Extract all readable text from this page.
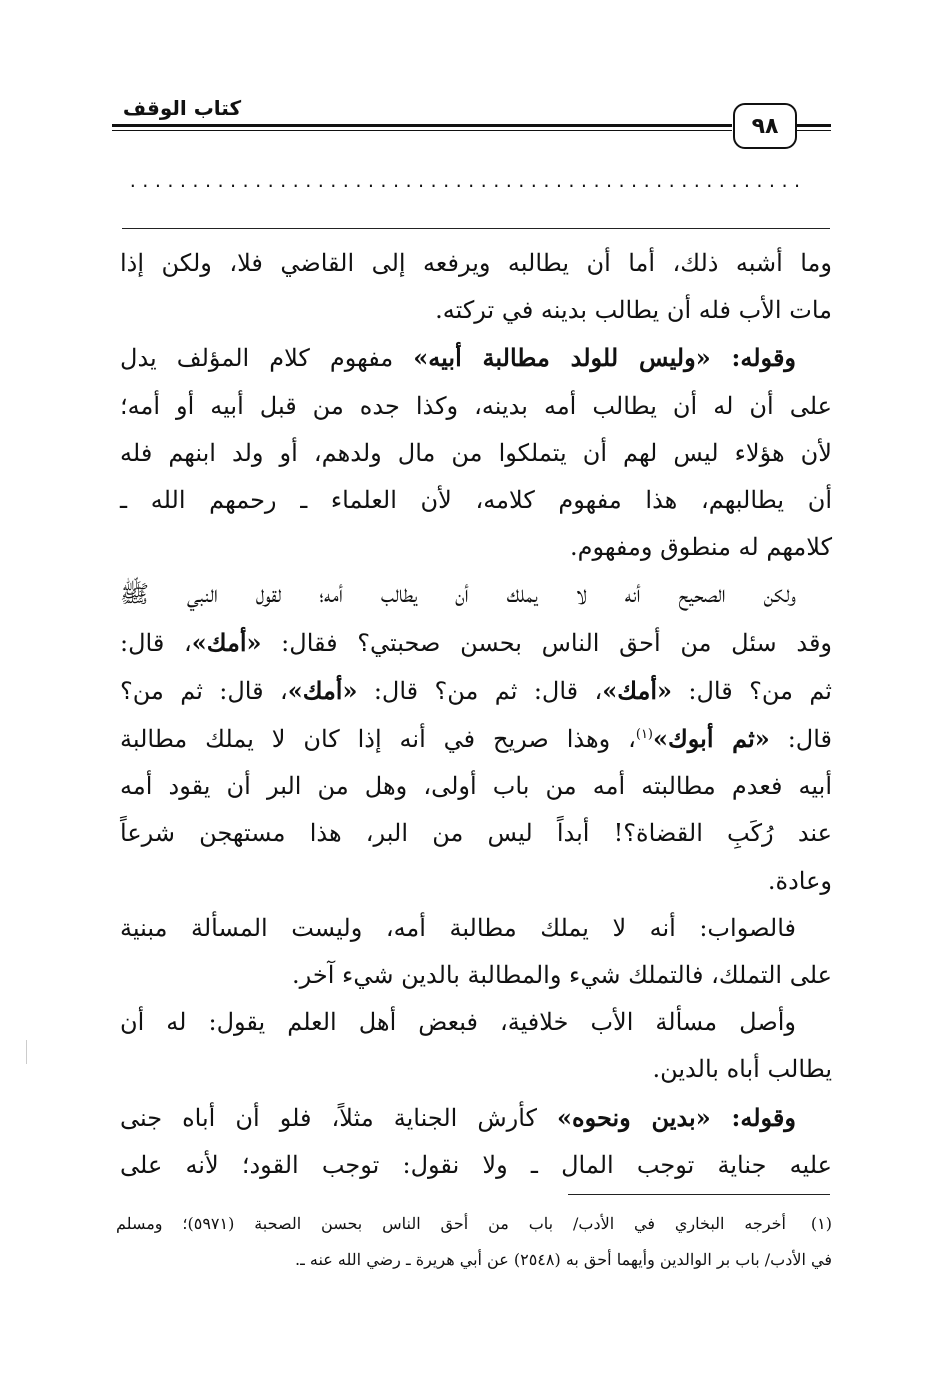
كتاب الوقف
٩٨
......................................................
وما أشبه ذلك، أما أن يطالبه ويرفعه إلى القاضي فلا، ولكن إذا
مات الأب فله أن يطالب بدينه في تركته.
وقوله: «وليس للولد مطالبة أبيه» مفهوم كلام المؤلف يدل
على أن له أن يطالب أمه بدينه، وكذا جده من قبل أبيه أو أمه؛
لأن هؤلاء ليس لهم أن يتملكوا من مال ولدهم، أو ولد ابنهم فله
أن يطالبهم، هذا مفهوم كلامه، لأن العلماء ـ رحمهم الله ـ
كلامهم له منطوق ومفهوم.
ولكن الصحيح أنه لا يملك أن يطالب أمه؛ لقول النبي ﷺ
وقد سئل من أحق الناس بحسن صحبتي؟ فقال: «أمك»، قال:
ثم من؟ قال: «أمك»، قال: ثم من؟ قال: «أمك»، قال: ثم من؟
قال: «ثم أبوك»$^{(١)}$، وهذا صريح في أنه إذا كان لا يملك مطالبة
أبيه فعدم مطالبته أمه من باب أولى، وهل من البر أن يقود أمه
عند رُكَبِ القضاة؟! أبداً ليس من البر، هذا مستهجن شرعاً
وعادة.
فالصواب: أنه لا يملك مطالبة أمه، وليست المسألة مبنية
على التملك، فالتملك شيء والمطالبة بالدين شيء آخر.
وأصل مسألة الأب خلافية، فبعض أهل العلم يقول: له أن
يطالب أباه بالدين.
وقوله: «بدين ونحوه» كأرش الجناية مثلاً، فلو أن أباه جنى
عليه جناية توجب المال ـ ولا نقول: توجب القود؛ لأنه على
(١)أخرجه البخاري في الأدب/ باب من أحق الناس بحسن الصحبة (٥٩٧١)؛ ومسلم
في الأدب/ باب بر الوالدين وأيهما أحق به (٢٥٤٨) عن أبي هريرة ـ رضي الله عنه ـ.
